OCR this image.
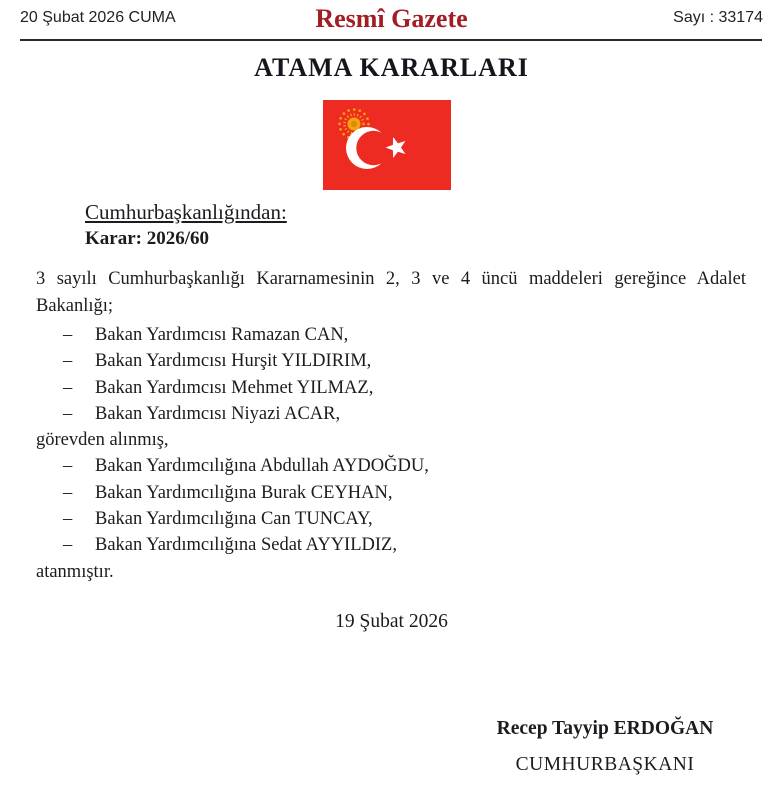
20 Şubat 2026 CUMA	Resmî Gazete	Sayı : 33174
ATAMA KARARLARI
Cumhurbaşkanlığından:
Karar: 2026/60
3 sayılı Cumhurbaşkanlığı Kararnamesinin 2, 3 ve 4 üncü maddeleri gereğince Adalet Bakanlığı;
– Bakan Yardımcısı Ramazan CAN,
– Bakan Yardımcısı Hurşit YILDIRIM,
– Bakan Yardımcısı Mehmet YILMAZ,
– Bakan Yardımcısı Niyazi ACAR,
görevden alınmış,
– Bakan Yardımcılığına Abdullah AYDOĞDU,
– Bakan Yardımcılığına Burak CEYHAN,
– Bakan Yardımcılığına Can TUNCAY,
– Bakan Yardımcılığına Sedat AYYILDIZ,
atanmıştır.
19 Şubat 2026
Recep Tayyip ERDOĞAN
CUMHURBAŞKANI
